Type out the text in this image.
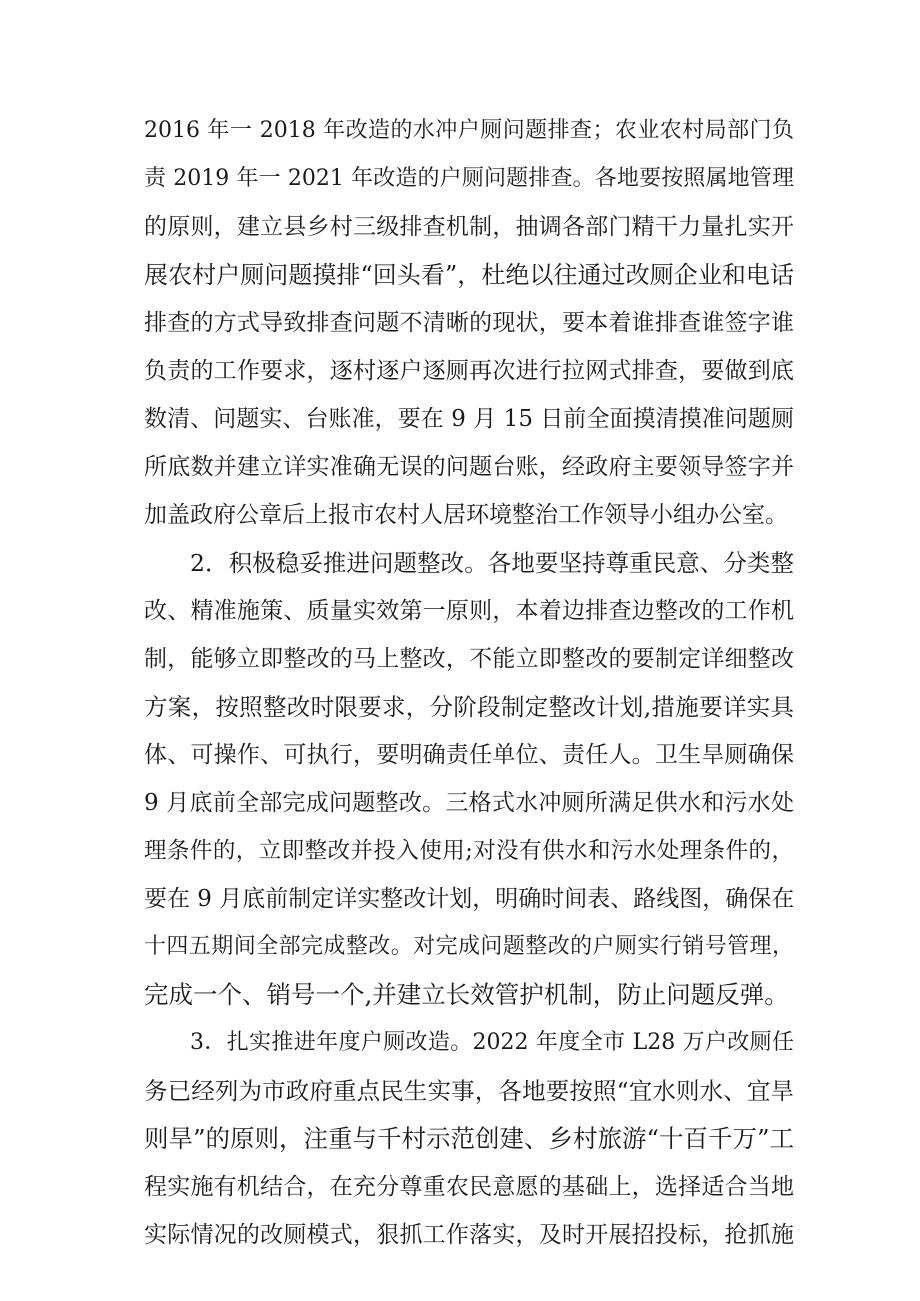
2016 年一 2018 年改造的水冲户厕问题排查；农业农村局部门负
责 2019 年一 2021 年改造的户厕问题排查。各地要按照属地管理
的原则，建立县乡村三级排查机制，抽调各部门精干力量扎实开
展农村户厕问题摸排“回头看”，杜绝以往通过改厕企业和电话
排查的方式导致排查问题不清晰的现状，要本着谁排查谁签字谁
负责的工作要求，逐村逐户逐厕再次进行拉网式排查，要做到底
数清、问题实、台账准，要在 9 月 15 日前全面摸清摸准问题厕
所底数并建立详实准确无误的问题台账，经政府主要领导签字并
加盖政府公章后上报市农村人居环境整治工作领导小组办公室。
2．积极稳妥推进问题整改。各地要坚持尊重民意、分类整
改、精准施策、质量实效第一原则，本着边排查边整改的工作机
制，能够立即整改的马上整改，不能立即整改的要制定详细整改
方案，按照整改时限要求，分阶段制定整改计划,措施要详实具
体、可操作、可执行，要明确责任单位、责任人。卫生旱厕确保
9 月底前全部完成问题整改。三格式水冲厕所满足供水和污水处
理条件的，立即整改并投入使用;对没有供水和污水处理条件的，
要在 9 月底前制定详实整改计划，明确时间表、路线图，确保在
十四五期间全部完成整改。对完成问题整改的户厕实行销号管理，
完成一个、销号一个,并建立长效管护机制，防止问题反弹。
3．扎实推进年度户厕改造。2022 年度全市 L28 万户改厕任
务已经列为市政府重点民生实事，各地要按照“宜水则水、宜旱
则旱”的原则，注重与千村示范创建、乡村旅游“十百千万”工
程实施有机结合，在充分尊重农民意愿的基础上，选择适合当地
实际情况的改厕模式，狠抓工作落实，及时开展招投标，抢抓施
